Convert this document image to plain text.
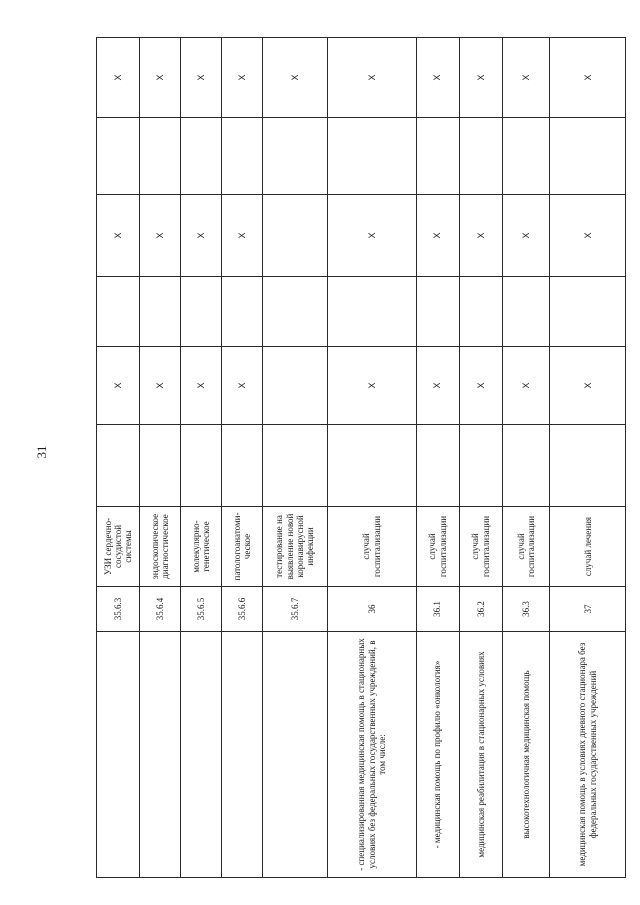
31
	35.6.3	УЗИ сердечно-сосудистой системы		Х		Х		Х
	35.6.4	эндоскопическое диагностическое		Х		Х		Х
	35.6.5	молекулярно-генетическое		Х		Х		Х
	35.6.6	патологоанатоми-ческое		Х		Х		Х
	35.6.7	тестирование на выявление новой коронавирусной инфекции						Х
- специализированная медицинская помощь в стационарных условиях без федеральных государственных учреждений, в том числе:	36	случай госпитализации		Х		Х		Х
- медицинская помощь по профилю «онкология»	36.1	случай госпитализации		Х		Х		Х
медицинская реабилитация в стационарных условиях	36.2	случай госпитализации		Х		Х		Х
высокотехнологичная медицинская помощь	36.3	случай госпитализации		Х		Х		Х
медицинская помощь в условиях дневного стационара без федеральных государственных учреждений	37	случай лечения		Х		Х		Х
